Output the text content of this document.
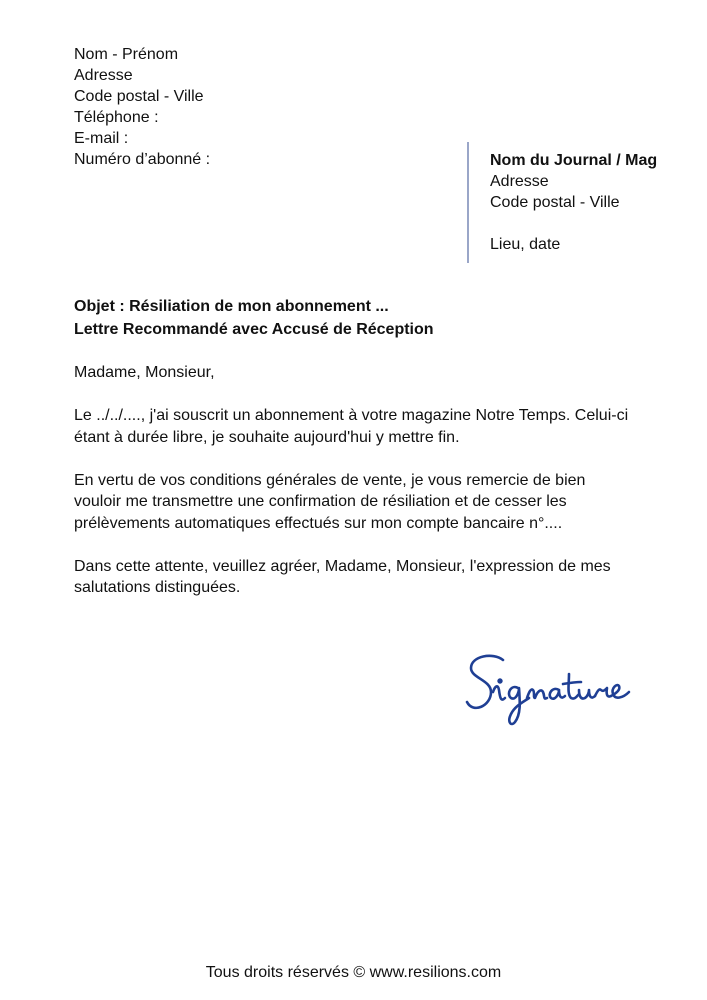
Nom - Prénom
Adresse
Code postal - Ville
Téléphone :
E-mail :
Numéro d’abonné :	Nom du Journal / Mag
Adresse
Code postal - Ville
Lieu, date
Objet : Résiliation de mon abonnement ...
Lettre Recommandé avec Accusé de Réception

Madame, Monsieur,

Le ../../...., j'ai souscrit un abonnement à votre magazine Notre Temps. Celui-ci étant à durée libre, je souhaite aujourd'hui y mettre fin.

En vertu de vos conditions générales de vente, je vous remercie de bien vouloir me transmettre une confirmation de résiliation et de cesser les prélèvements automatiques effectués sur mon compte bancaire n°....

Dans cette attente, veuillez agréer, Madame, Monsieur, l'expression de mes salutations distinguées.

Tous droits réservés © www.resilions.com
